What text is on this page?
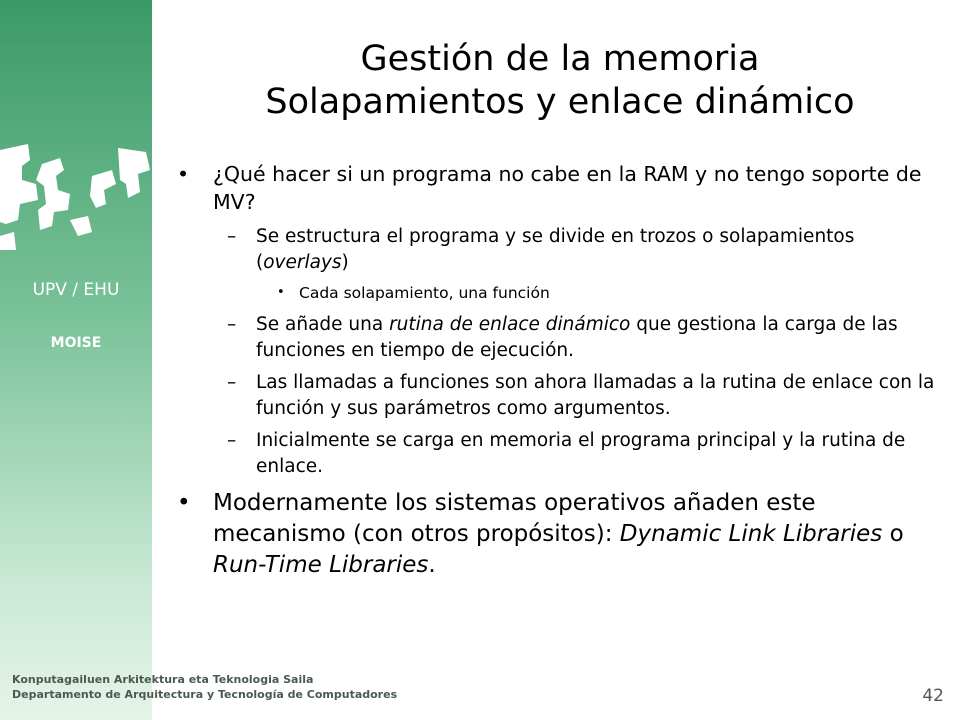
UPV / EHU
MOISE
Gestión de la memoria
Solapamientos y enlace dinámico
• ¿Qué hacer si un programa no cabe en la RAM y no tengo soporte de MV?
– Se estructura el programa y se divide en trozos o solapamientos (overlays)
• Cada solapamiento, una función
– Se añade una rutina de enlace dinámico que gestiona la carga de las funciones en tiempo de ejecución.
– Las llamadas a funciones son ahora llamadas a la rutina de enlace con la función y sus parámetros como argumentos.
– Inicialmente se carga en memoria el programa principal y la rutina de enlace.
• Modernamente los sistemas operativos añaden este mecanismo (con otros propósitos): Dynamic Link Libraries o Run-Time Libraries.
Konputagailuen Arkitektura eta Teknologia Saila
Departamento de Arquitectura y Tecnología de Computadores	42
